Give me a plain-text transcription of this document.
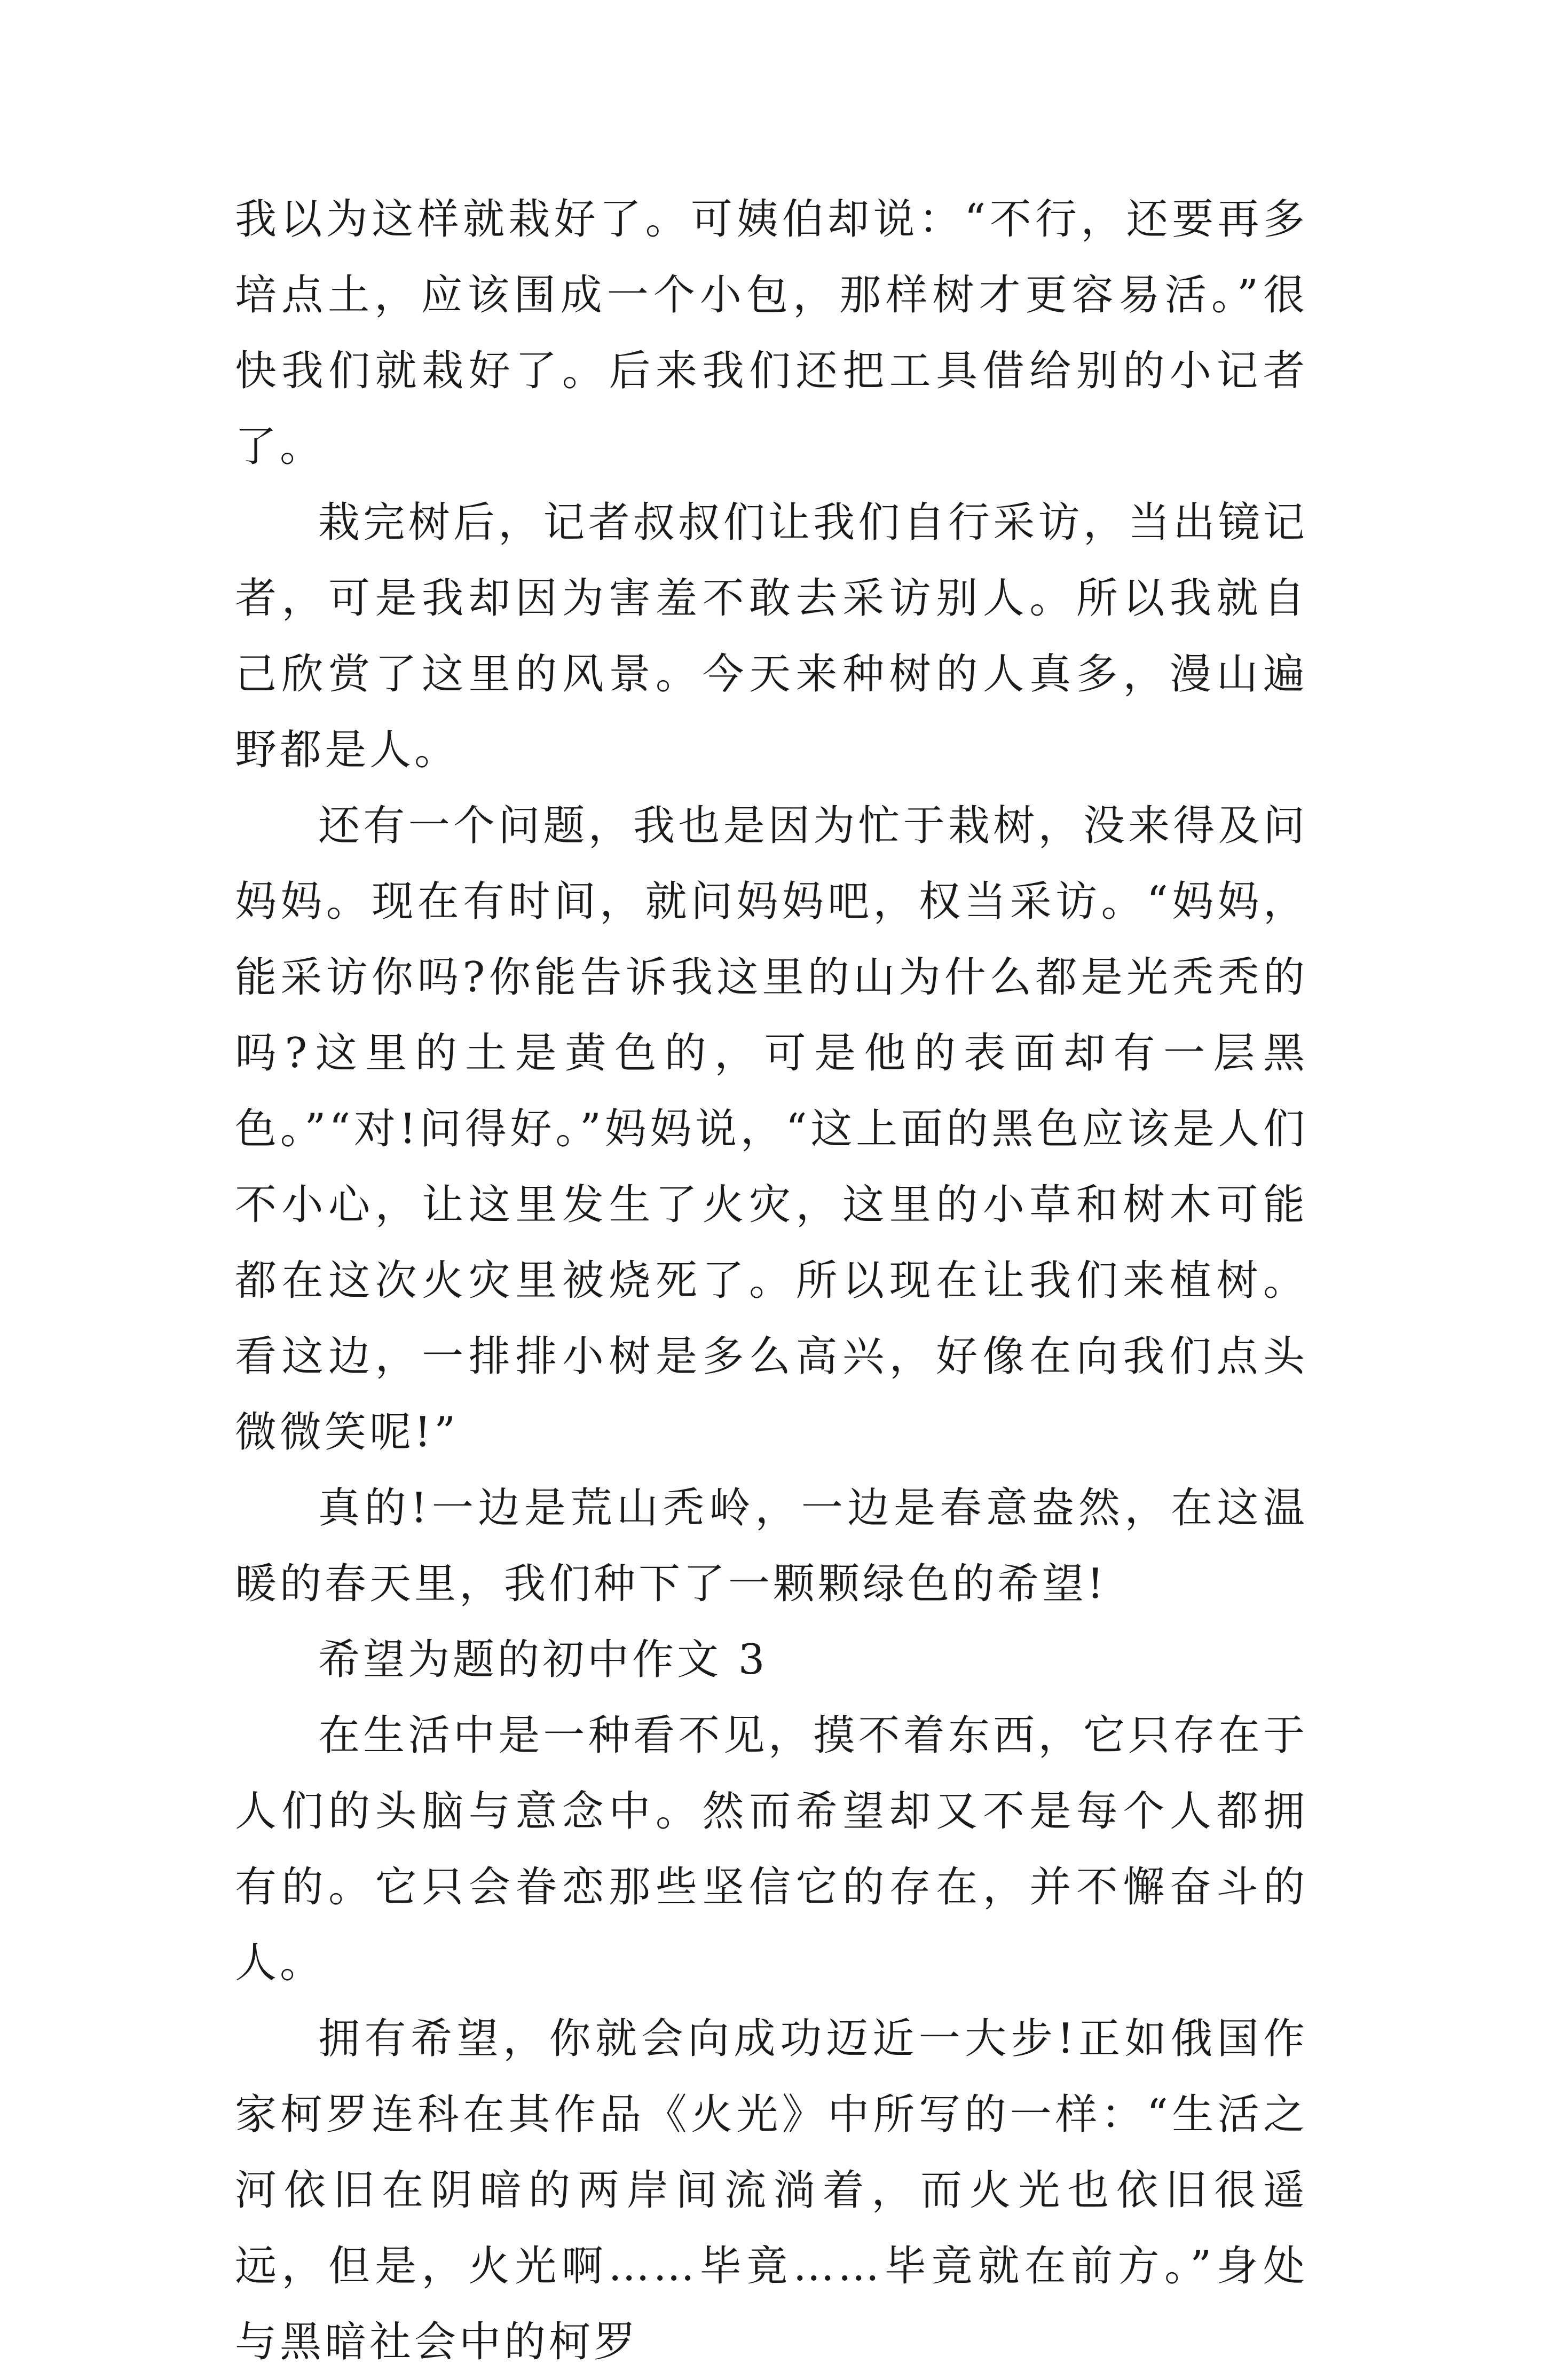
我以为这样就栽好了。可姨伯却说：“不行，还要再多培点土，应该围成一个小包，那样树才更容易活。”很快我们就栽好了。后来我们还把工具借给别的小记者了。

栽完树后，记者叔叔们让我们自行采访，当出镜记者，可是我却因为害羞不敢去采访别人。所以我就自己欣赏了这里的风景。今天来种树的人真多，漫山遍野都是人。

还有一个问题，我也是因为忙于栽树，没来得及问妈妈。现在有时间，就问妈妈吧，权当采访。“妈妈，能采访你吗?你能告诉我这里的山为什么都是光秃秃的吗?这里的土是黄色的，可是他的表面却有一层黑色。”“对!问得好。”妈妈说，“这上面的黑色应该是人们不小心，让这里发生了火灾，这里的小草和树木可能都在这次火灾里被烧死了。所以现在让我们来植树。看这边，一排排小树是多么高兴，好像在向我们点头微微笑呢!”

真的!一边是荒山秃岭，一边是春意盎然，在这温暖的春天里，我们种下了一颗颗绿色的希望!

希望为题的初中作文 3

在生活中是一种看不见，摸不着东西，它只存在于人们的头脑与意念中。然而希望却又不是每个人都拥有的。它只会眷恋那些坚信它的存在，并不懈奋斗的人。

拥有希望，你就会向成功迈近一大步!正如俄国作家柯罗连科在其作品《火光》中所写的一样：“生活之河依旧在阴暗的两岸间流淌着，而火光也依旧很遥远，但是，火光啊……毕竟……毕竟就在前方。”身处与黑暗社会中的柯罗
